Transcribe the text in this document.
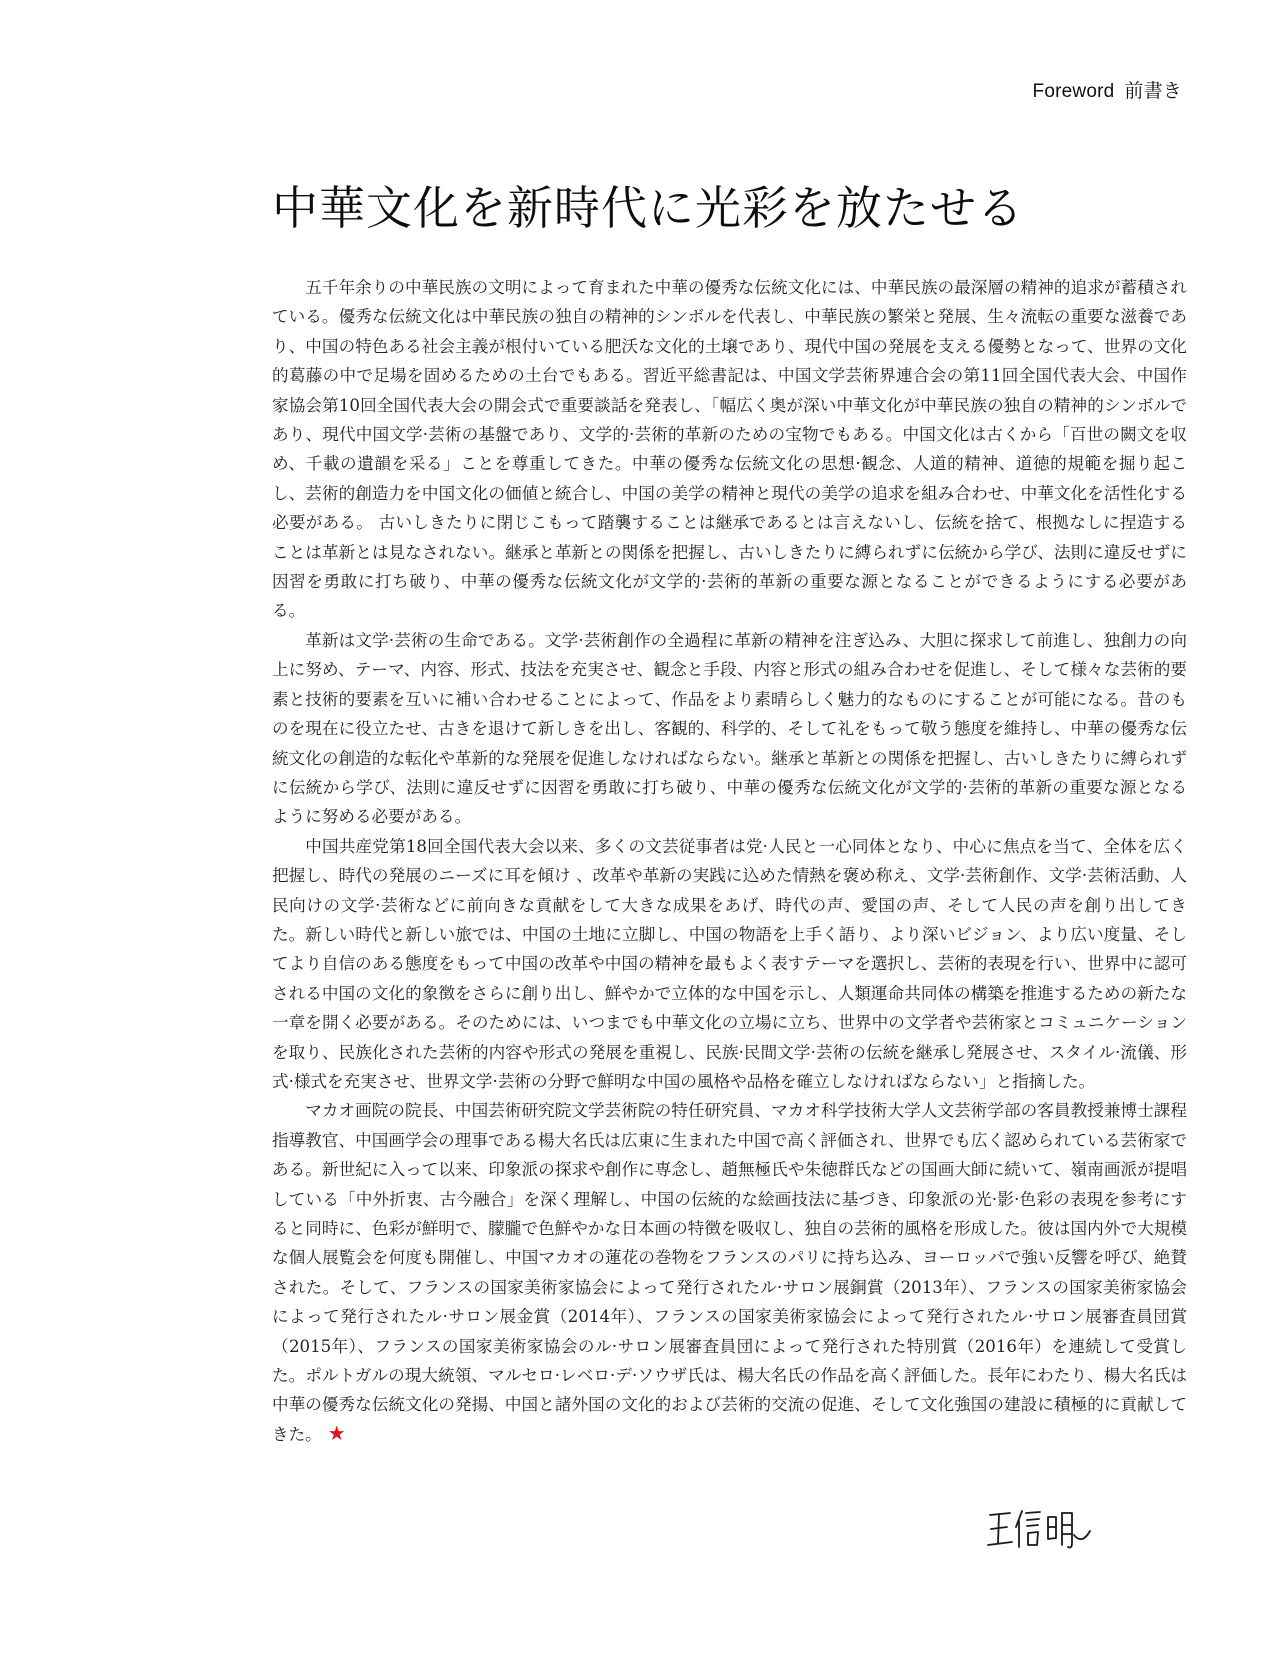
Foreword 前書き
中華文化を新時代に光彩を放たせる

五千年余りの中華民族の文明によって育まれた中華の優秀な伝統文化には、中華民族の最深層の精神的追求が蓄積されている。優秀な伝統文化は中華民族の独自の精神的シンボルを代表し、中華民族の繁栄と発展、生々流転の重要な滋養であり、中国の特色ある社会主義が根付いている肥沃な文化的土壌であり、現代中国の発展を支える優勢となって、世界の文化的葛藤の中で足場を固めるための土台でもある。習近平総書記は、中国文学芸術界連合会の第11回全国代表大会、中国作家協会第10回全国代表大会の開会式で重要談話を発表し、「幅広く奥が深い中華文化が中華民族の独自の精神的シンボルであり、現代中国文学·芸術の基盤であり、文学的·芸術的革新のための宝物でもある。中国文化は古くから「百世の闕文を収め、千載の遺韻を采る」ことを尊重してきた。中華の優秀な伝統文化の思想·観念、人道的精神、道徳的規範を掘り起こし、芸術的創造力を中国文化の価値と統合し、中国の美学の精神と現代の美学の追求を組み合わせ、中華文化を活性化する必要がある。 古いしきたりに閉じこもって踏襲することは継承であるとは言えないし、伝統を捨て、根拠なしに捏造することは革新とは見なされない。継承と革新との関係を把握し、古いしきたりに縛られずに伝統から学び、法則に違反せずに因習を勇敢に打ち破り、中華の優秀な伝統文化が文学的·芸術的革新の重要な源となることができるようにする必要がある。

革新は文学·芸術の生命である。文学·芸術創作の全過程に革新の精神を注ぎ込み、大胆に探求して前進し、独創力の向上に努め、テーマ、内容、形式、技法を充実させ、観念と手段、内容と形式の組み合わせを促進し、そして様々な芸術的要素と技術的要素を互いに補い合わせることによって、作品をより素晴らしく魅力的なものにすることが可能になる。昔のものを現在に役立たせ、古きを退けて新しきを出し、客観的、科学的、そして礼をもって敬う態度を維持し、中華の優秀な伝統文化の創造的な転化や革新的な発展を促進しなければならない。継承と革新との関係を把握し、古いしきたりに縛られずに伝統から学び、法則に違反せずに因習を勇敢に打ち破り、中華の優秀な伝統文化が文学的·芸術的革新の重要な源となるように努める必要がある。

中国共産党第18回全国代表大会以来、多くの文芸従事者は党·人民と一心同体となり、中心に焦点を当て、全体を広く把握し、時代の発展のニーズに耳を傾け 、改革や革新の実践に込めた情熱を褒め称え、文学·芸術創作、文学·芸術活動、人民向けの文学·芸術などに前向きな貢献をして大きな成果をあげ、時代の声、愛国の声、そして人民の声を創り出してきた。新しい時代と新しい旅では、中国の土地に立脚し、中国の物語を上手く語り、より深いビジョン、より広い度量、そしてより自信のある態度をもって中国の改革や中国の精神を最もよく表すテーマを選択し、芸術的表現を行い、世界中に認可される中国の文化的象徴をさらに創り出し、鮮やかで立体的な中国を示し、人類運命共同体の構築を推進するための新たな一章を開く必要がある。そのためには、いつまでも中華文化の立場に立ち、世界中の文学者や芸術家とコミュニケーションを取り、民族化された芸術的内容や形式の発展を重視し、民族·民間文学·芸術の伝統を継承し発展させ、スタイル·流儀、形式·様式を充実させ、世界文学·芸術の分野で鮮明な中国の風格や品格を確立しなければならない」と指摘した。

マカオ画院の院長、中国芸術研究院文学芸術院の特任研究員、マカオ科学技術大学人文芸術学部の客員教授兼博士課程指導教官、中国画学会の理事である楊大名氏は広東に生まれた中国で高く評価され、世界でも広く認められている芸術家である。新世紀に入って以来、印象派の探求や創作に専念し、趙無極氏や朱徳群氏などの国画大師に続いて、嶺南画派が提唱している「中外折衷、古今融合」を深く理解し、中国の伝統的な絵画技法に基づき、印象派の光·影·色彩の表現を参考にすると同時に、色彩が鮮明で、朦朧で色鮮やかな日本画の特徴を吸収し、独自の芸術的風格を形成した。彼は国内外で大規模な個人展覧会を何度も開催し、中国マカオの蓮花の巻物をフランスのパリに持ち込み、ヨーロッパで強い反響を呼び、絶賛された。そして、フランスの国家美術家協会によって発行されたル·サロン展銅賞（2013年）、フランスの国家美術家協会によって発行されたル·サロン展金賞（2014年）、フランスの国家美術家協会によって発行されたル·サロン展審査員団賞（2015年）、フランスの国家美術家協会のル·サロン展審査員団によって発行された特別賞（2016年）を連続して受賞した。ポルトガルの現大統領、マルセロ·レベロ·デ·ソウザ氏は、楊大名氏の作品を高く評価した。長年にわたり、楊大名氏は中華の優秀な伝統文化の発揚、中国と諸外国の文化的および芸術的交流の促進、そして文化強国の建設に積極的に貢献してきた。 ★
